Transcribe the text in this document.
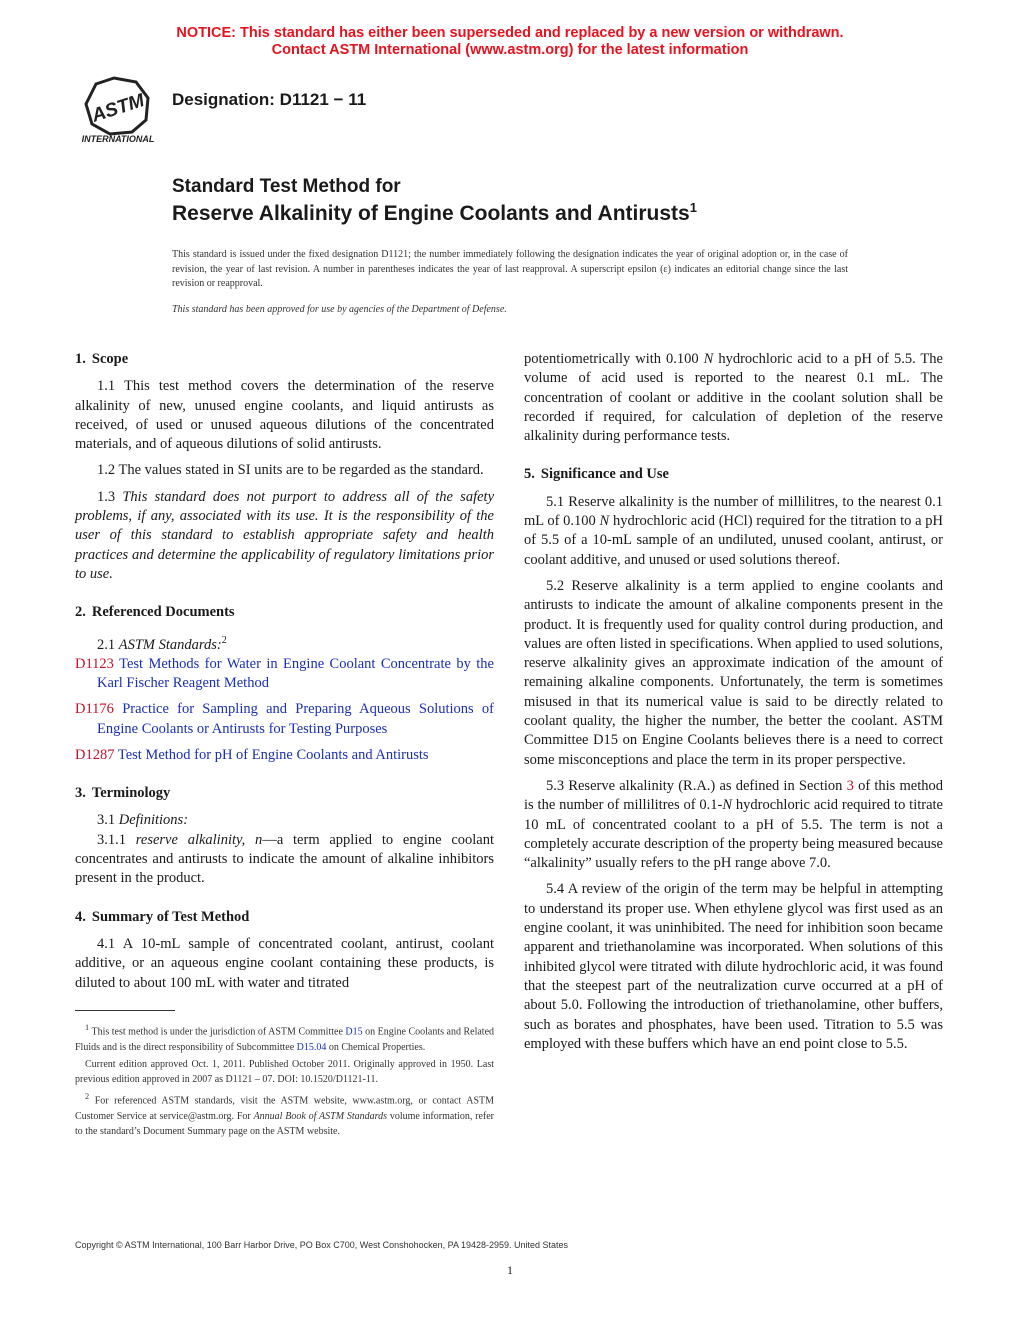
NOTICE: This standard has either been superseded and replaced by a new version or withdrawn.
Contact ASTM International (www.astm.org) for the latest information
ASTM
INTERNATIONAL
Designation: D1121 − 11
Standard Test Method for
Reserve Alkalinity of Engine Coolants and Antirusts$^1$
This standard is issued under the fixed designation D1121; the number immediately following the designation indicates the year of original adoption or, in the case of revision, the year of last revision. A number in parentheses indicates the year of last reapproval. A superscript epsilon (ε) indicates an editorial change since the last revision or reapproval.
This standard has been approved for use by agencies of the Department of Defense.
1. Scope

1.1 This test method covers the determination of the reserve alkalinity of new, unused engine coolants, and liquid antirusts as received, of used or unused aqueous dilutions of the concentrated materials, and of aqueous dilutions of solid antirusts.

1.2 The values stated in SI units are to be regarded as the standard.

1.3 This standard does not purport to address all of the safety problems, if any, associated with its use. It is the responsibility of the user of this standard to establish appropriate safety and health practices and determine the applicability of regulatory limitations prior to use.

2. Referenced Documents

2.1 ASTM Standards:$^2$

D1123 Test Methods for Water in Engine Coolant Concentrate by the Karl Fischer Reagent Method

D1176 Practice for Sampling and Preparing Aqueous Solutions of Engine Coolants or Antirusts for Testing Purposes

D1287 Test Method for pH of Engine Coolants and Antirusts

3. Terminology

3.1 Definitions:

3.1.1 reserve alkalinity, n—a term applied to engine coolant concentrates and antirusts to indicate the amount of alkaline inhibitors present in the product.

4. Summary of Test Method

4.1 A 10-mL sample of concentrated coolant, antirust, coolant additive, or an aqueous engine coolant containing these products, is diluted to about 100 mL with water and titrated

$^1$ This test method is under the jurisdiction of ASTM Committee D15 on Engine Coolants and Related Fluids and is the direct responsibility of Subcommittee D15.04 on Chemical Properties.

Current edition approved Oct. 1, 2011. Published October 2011. Originally approved in 1950. Last previous edition approved in 2007 as D1121 – 07. DOI: 10.1520/D1121-11.

$^2$ For referenced ASTM standards, visit the ASTM website, www.astm.org, or contact ASTM Customer Service at service@astm.org. For Annual Book of ASTM Standards volume information, refer to the standard’s Document Summary page on the ASTM website.

potentiometrically with 0.100 N hydrochloric acid to a pH of 5.5. The volume of acid used is reported to the nearest 0.1 mL. The concentration of coolant or additive in the coolant solution shall be recorded if required, for calculation of depletion of the reserve alkalinity during performance tests.

5. Significance and Use

5.1 Reserve alkalinity is the number of millilitres, to the nearest 0.1 mL of 0.100 N hydrochloric acid (HCl) required for the titration to a pH of 5.5 of a 10-mL sample of an undiluted, unused coolant, antirust, or coolant additive, and unused or used solutions thereof.

5.2 Reserve alkalinity is a term applied to engine coolants and antirusts to indicate the amount of alkaline components present in the product. It is frequently used for quality control during production, and values are often listed in specifications. When applied to used solutions, reserve alkalinity gives an approximate indication of the amount of remaining alkaline components. Unfortunately, the term is sometimes misused in that its numerical value is said to be directly related to coolant quality, the higher the number, the better the coolant. ASTM Committee D15 on Engine Coolants believes there is a need to correct some misconceptions and place the term in its proper perspective.

5.3 Reserve alkalinity (R.A.) as defined in Section 3 of this method is the number of millilitres of 0.1-N hydrochloric acid required to titrate 10 mL of concentrated coolant to a pH of 5.5. The term is not a completely accurate description of the property being measured because “alkalinity” usually refers to the pH range above 7.0.

5.4 A review of the origin of the term may be helpful in attempting to understand its proper use. When ethylene glycol was first used as an engine coolant, it was uninhibited. The need for inhibition soon became apparent and triethanolamine was incorporated. When solutions of this inhibited glycol were titrated with dilute hydrochloric acid, it was found that the steepest part of the neutralization curve occurred at a pH of about 5.0. Following the introduction of triethanolamine, other buffers, such as borates and phosphates, have been used. Titration to 5.5 was employed with these buffers which have an end point close to 5.5.

Copyright © ASTM International, 100 Barr Harbor Drive, PO Box C700, West Conshohocken, PA 19428-2959. United States
1
